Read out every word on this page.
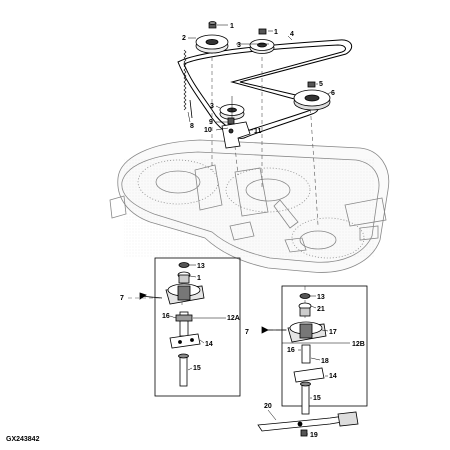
1
2
3
1 4
5
6
3
9
10	11
8
13
1
7
16	12A
14
15
13
21
7	17
16
12B
18
14
15
20
19
GX243842
